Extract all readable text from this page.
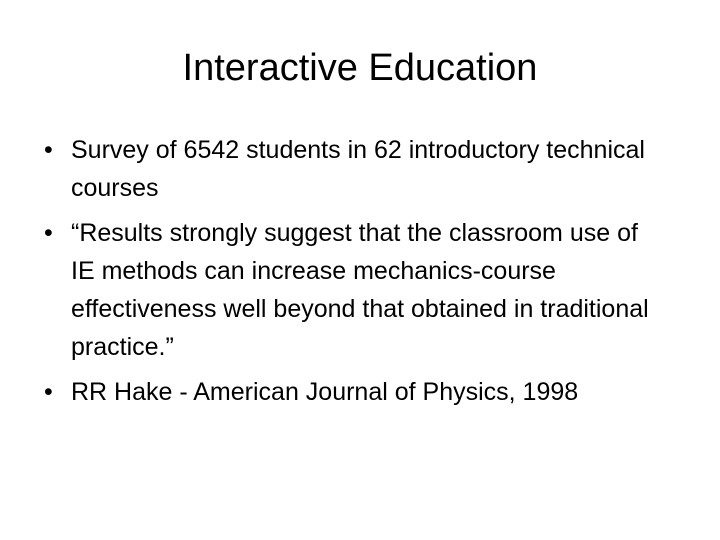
Interactive Education
• Survey of 6542 students in 62 introductory technical courses
• “Results strongly suggest that the classroom use of IE methods can increase mechanics-course effectiveness well beyond that obtained in traditional practice.”
• RR Hake - American Journal of Physics, 1998
